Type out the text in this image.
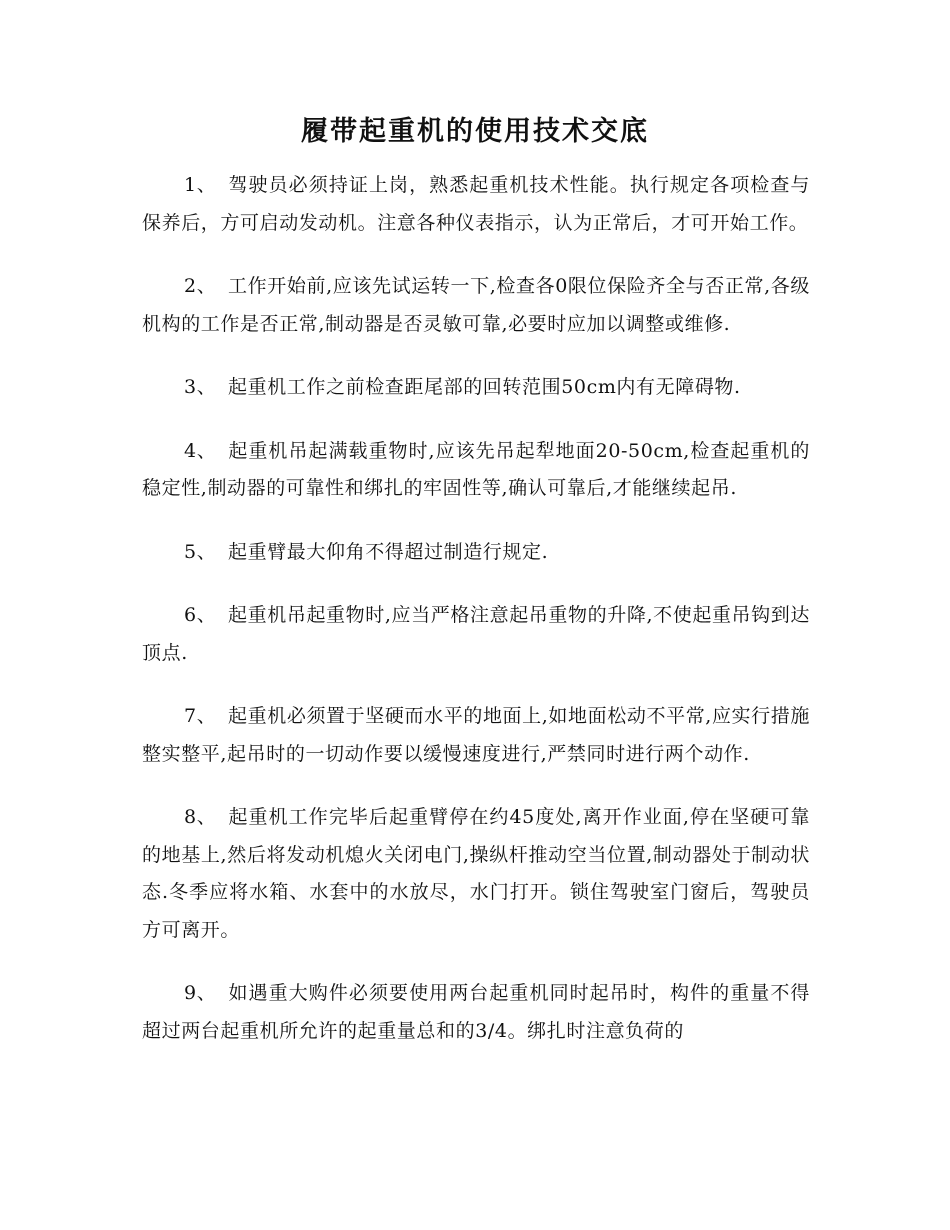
履带起重机的使用技术交底

1、 驾驶员必须持证上岗，熟悉起重机技术性能。执行规定各项检查与保养后，方可启动发动机。注意各种仪表指示，认为正常后，才可开始工作。

2、 工作开始前,应该先试运转一下,检查各0限位保险齐全与否正常,各级机构的工作是否正常,制动器是否灵敏可靠,必要时应加以调整或维修.

3、 起重机工作之前检查距尾部的回转范围50cm内有无障碍物.

4、 起重机吊起满载重物时,应该先吊起犁地面20-50cm,检查起重机的稳定性,制动器的可靠性和绑扎的牢固性等,确认可靠后,才能继续起吊.

5、 起重臂最大仰角不得超过制造行规定.

6、 起重机吊起重物时,应当严格注意起吊重物的升降,不使起重吊钩到达顶点.

7、 起重机必须置于坚硬而水平的地面上,如地面松动不平常,应实行措施整实整平,起吊时的一切动作要以缓慢速度进行,严禁同时进行两个动作.

8、 起重机工作完毕后起重臂停在约45度处,离开作业面,停在坚硬可靠的地基上,然后将发动机熄火关闭电门,操纵杆推动空当位置,制动器处于制动状态.冬季应将水箱、水套中的水放尽，水门打开。锁住驾驶室门窗后，驾驶员方可离开。

9、 如遇重大购件必须要使用两台起重机同时起吊时，构件的重量不得超过两台起重机所允许的起重量总和的3/4。绑扎时注意负荷的
